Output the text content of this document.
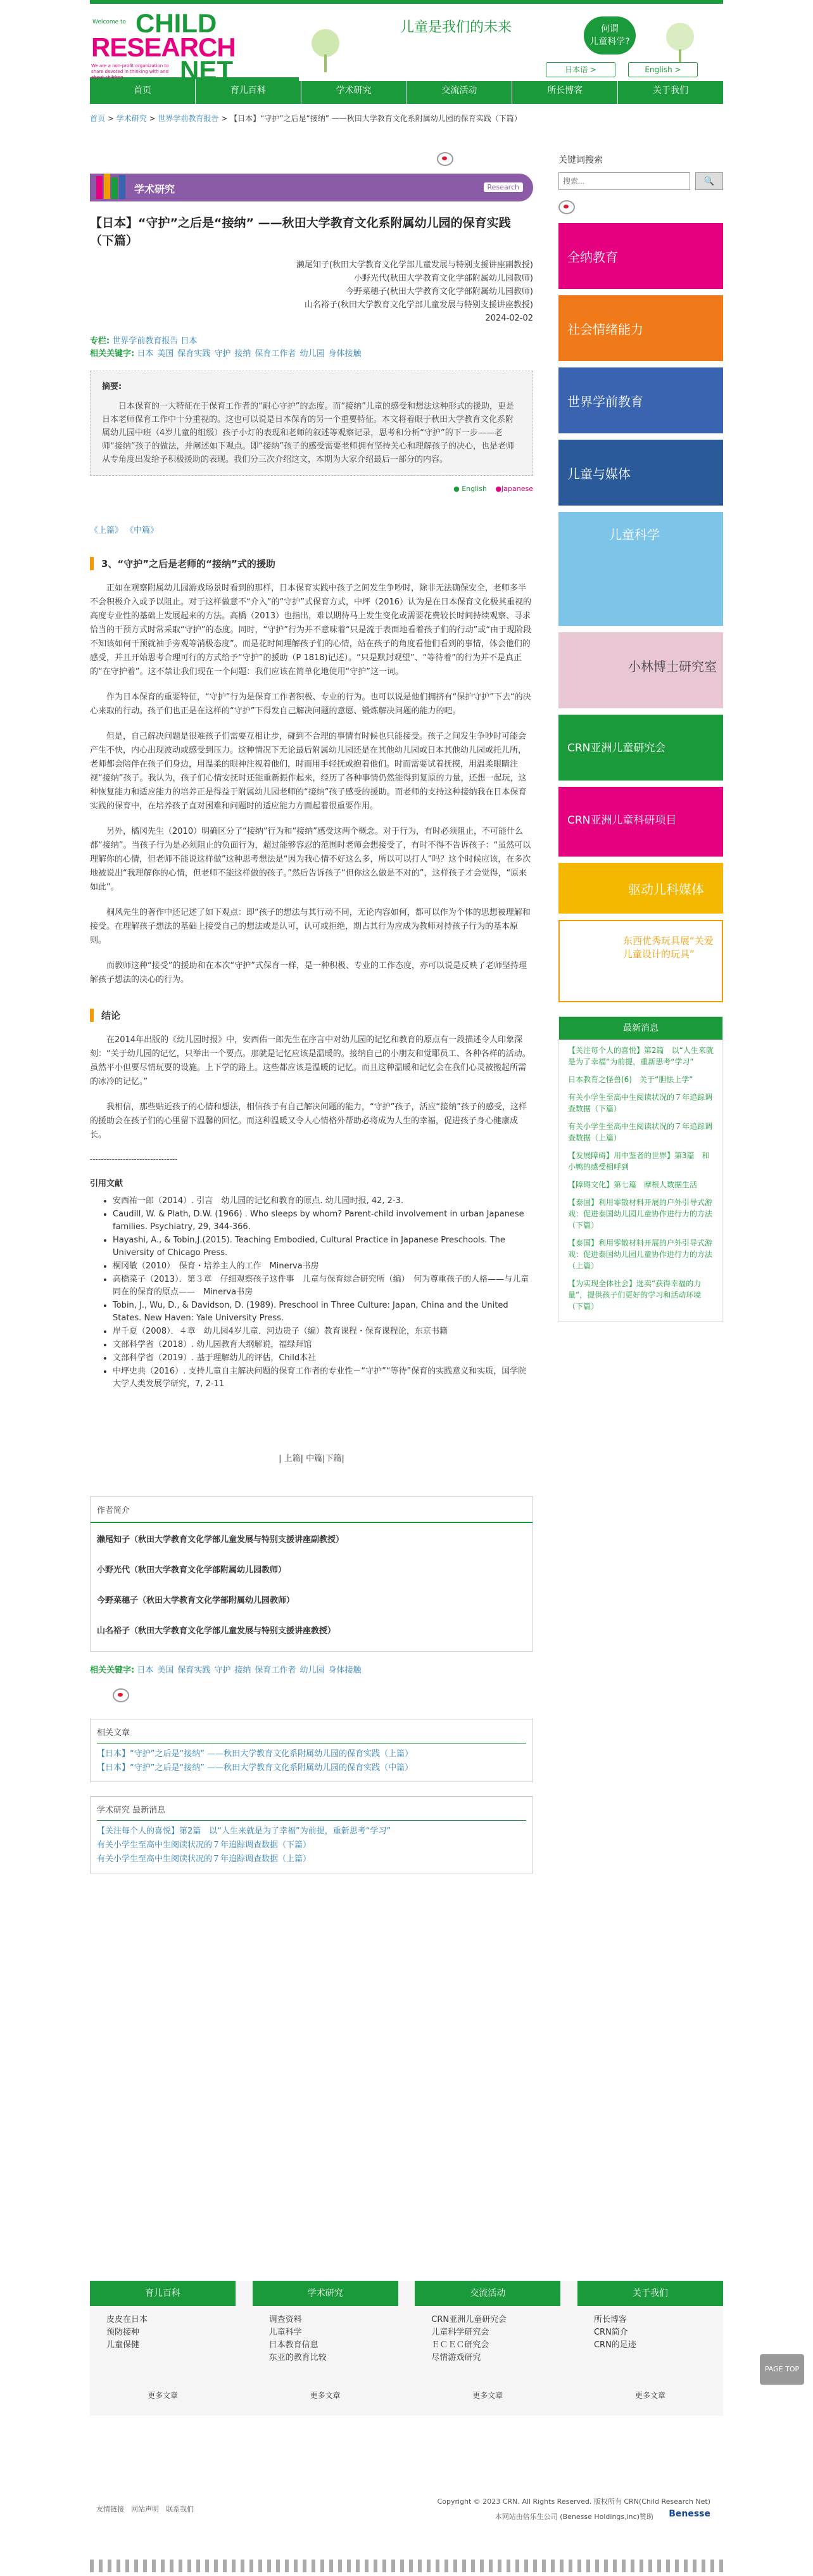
Welcome to CHILD
RESEARCH
NET
We are a non-profit organization to share devoted in thinking with and about children
儿童是我们的未来	何谓
儿童科学?
日本语 >	English >
首页	育儿百科	学术研究	交流活动	所长博客	关于我们
首页 > 学术研究 > 世界学前教育报告 > 【日本】“守护”之后是“接纳” ——秋田大学教育文化系附属幼儿园的保育实践（下篇）
学术研究	Research
【日本】“守护”之后是“接纳” ——秋田大学教育文化系附属幼儿园的保育实践（下篇）
濑尾知子(秋田大学教育文化学部儿童发展与特别支援讲座副教授)
小野光代(秋田大学教育文化学部附属幼儿园教师)
今野菜穗子(秋田大学教育文化学部附属幼儿园教师)
山名裕子(秋田大学教育文化学部儿童发展与特别支援讲座教授)
2024-02-02
专栏: 世界学前教育报告 日本
相关关键字: 日本 美国 保育实践 守护 接纳 保育工作者 幼儿园 身体接触
摘要:

日本保育的一大特征在于保育工作者的“耐心守护”的态度。而“接纳”儿童的感受和想法这种形式的援助，更是日本老师保育工作中十分重视的。这也可以说是日本保育的另一个重要特征。本文将着眼于秋田大学教育文化系附属幼儿园中班（4岁儿童的组级）孩子小灯的表现和老师的叙述等观察记录，思考和分析“守护”的下一步——老师“接纳”孩子的做法，并阐述如下观点。即“接纳”孩子的感受需要老师拥有坚持关心和理解孩子的决心，也是老师从专角度出发给予积极援助的表现。我们分三次介绍这文，本期为大家介绍最后一部分的内容。

● English ●Japanese
《上篇》 《中篇》
3、“守护”之后是老师的“接纳”式的援助

正如在观察附属幼儿园游戏场景时看到的那样，日本保育实践中孩子之间发生争吵时，除非无法确保安全，老师多半不会积极介入或予以阻止。对于这样做意不“介入”的“守护”式保育方式，中坪（2016）认为是在日本保育文化极其重视的高度专业性的基础上发展起来的方法。高橋（2013）也指出，难以期待马上发生变化或需要花费较长时间持续观察、寻求恰当的干预方式时常采取“守护”的态度。同时，“守护”行为并不意味着“只是流于表面地看着孩子们的行动”或“由于现阶段不知该如何干预就袖手旁观等消极态度”。而是花时间理解孩子们的心情，站在孩子的角度看他们看到的事情，体会他们的感受，并且开始思考合理可行的方式给予“守护”的援助（P 1818)记述）。“只是默封观望”、“等待着”的行为并不是真正的“在守护着”。这不禁让我们现在一个问题：我们应该在简单化地使用“守护”这一词。

作为日本保育的重要特征，“守护”行为是保育工作者积极、专业的行为。也可以说是他们拥挤有“保护守护”下去“的决心来取的行动。孩子们也正是在这样的“守护”下得发自己解决问题的意愿、锻炼解决问题的能力的吧。

但是，自己解决问题是很难孩子们需要互相让步，碰到不合理的事情有时候也只能接受。孩子之间发生争吵时可能会产生不快，内心出现波动或感受到压力。这种情况下无论最后附属幼儿园还是在其他幼儿园或日本其他幼儿园或托儿所，老师都会陪伴在孩子们身边，用温柔的眼神注视着他们，时而用手轻抚或抱着他们。时而需要试着抚摸，用温柔眼睛注视“接纳”孩子。我认为，孩子们心情安抚时还能重新振作起来，经历了各种事情仍然能得到复原的力量，还想一起玩，这种恢复能力和适应能力的培养正是得益于附属幼儿园老师的“接纳”孩子感受的援助。而老师的支持这种接纳我在日本保育实践的保育中，在培养孩子直对困难和问题时的适应能力方面起着很重要作用。

另外，橘冈先生（2010）明确区分了“接纳”行为和“接纳”感受这两个概念。对于行为，有时必须阻止，不可能什么都“接纳”。当孩子行为是必须阻止的负面行为，超过能够容忍的范围时老师会想接受了，有时不得不告诉孩子：“虽然可以理解你的心情，但老师不能说这样做”这种思考想法是“因为我心情不好这么多，所以可以打人”吗？这个时候应该，在多次地被说出“我理解你的心情，但老师不能这样做的孩子。”然后告诉孩子“但你这么做是不对的”，这样孩子才会觉得，“原来如此”。

桐风先生的著作中还记述了如下观点：即“孩子的想法与其行动不同，无论内容如何，都可以作为个体的思想被理解和接受。在理解孩子想法的基础上接受自己的想法或是认可，认可或拒绝，期占其行为应成为教师对持孩子行为的基本原则。

而教师这种“接受”的援助和在本次“守护”式保育一样，是一种积极、专业的工作态度，亦可以说是反映了老师坚持理解孩子想法的决心的行为。

结论

在2014年出版的《幼儿园时报》中，安西佑一郎先生在序言中对幼儿园的记忆和教育的原点有一段描述令人印象深刻：“关于幼儿园的记忆，只举出一个要点。那就是记忆应该是温暖的。接纳自己的小朋友和觉耶员工、各种各样的活动。虽然平小但要尽情玩耍的设施。上下学的路上。这些都应该是温暖的记忆。而且这种温暖和记忆会在我们心灵被搬起所需的冰冷的记忆。”

我相信，那些贴近孩子的心情和想法，相信孩子有自己解决问题的能力，“守护”孩子，活应“接纳”孩子的感受，这样的援助会在孩子们的心里留下温馨的回忆。而这种温暖又令人心情格外帮助必将成为人生的幸福，促进孩子身心健康成长。

--------------------------------
引用文献
• 安西祐一郎（2014）. 引言　幼儿园的记忆和教育的原点. 幼儿园时报, 42, 2-3.
• Caudill, W. & Plath, D.W. (1966) . Who sleeps by whom? Parent-child involvement in urban Japanese families. Psychiatry, 29, 344-366.
• Hayashi, A., & Tobin,J.(2015). Teaching Embodied, Cultural Practice in Japanese Preschools. The University of Chicago Press.
• 桐冈敏（2010）　保育・培养主人的工作　Minerva书房
• 高橋菜子（2013）．第３章　仔细观察孩子这件事　儿童与保育综合研究所（编）　何为尊重孩子的人格——与儿童同在的保育的原点——　Minerva书房
• Tobin, J., Wu, D., & Davidson, D. (1989). Preschool in Three Culture: Japan, China and the United States. New Haven: Yale University Press.
• 岸千夏（2008）．４章　幼儿园4岁儿童．河边贵子（编）教育课程・保育课程论，东京书籍
• 文部科学省（2018）. 幼儿园教育大纲解说，福绿拜馆
• 文部科学省（2019）. 基于理解幼儿的评估，Child本社
• 中坪史典（2016）. 支持儿童自主解决问题的保育工作者的专业性－“守护”“等待”保育的实践意义和实质，国学院大学人类发展学研究，7, 2-11
| 上篇| 中篇|下篇|
作者简介
濑尾知子（秋田大学教育文化学部儿童发展与特别支援讲座副教授）
小野光代（秋田大学教育文化学部附属幼儿园教师）
今野菜穗子（秋田大学教育文化学部附属幼儿园教师）
山名裕子（秋田大学教育文化学部儿童发展与特别支援讲座教授）
相关关键字: 日本 美国 保育实践 守护 接纳 保育工作者 幼儿园 身体接触
相关文章
【日本】“守护”之后是“接纳” ——秋田大学教育文化系附属幼儿园的保育实践（上篇）
【日本】“守护”之后是“接纳” ——秋田大学教育文化系附属幼儿园的保育实践（中篇）
学术研究 最新消息
【关注每个人的喜悦】第2篇　以“人生来就是为了幸福”为前提，重新思考“学习”
有关小学生至高中生阅读状况的７年追踪调查数据（下篇）
有关小学生至高中生阅读状况的７年追踪调查数据（上篇）
关键词搜索
搜索...
🔍
全纳教育
社会情绪能力
世界学前教育
儿童与媒体
儿童科学
小林博士研究室
CRN亚洲儿童研究会
CRN亚洲儿童科研项目
驱动儿科媒体
东西优秀玩具展“关爱儿童设计的玩具”
最新消息
【关注每个人的喜悦】第2篇　以“人生来就是为了幸福”为前提，重新思考“学习”
日本教育之怪兽(6)　关于“胆怯上学”
有关小学生至高中生阅读状况的７年追踪调查数据（下篇）
有关小学生至高中生阅读状况的７年追踪调查数据（上篇）
【发展障碍】用中鉴者的世界】第3篇　和小鸭的感受相呼到
【障碍文化】第七篇　摩根人数据生活
【泰国】利用零散材料开展的户外引导式游戏：促进泰国幼儿园儿童协作进行力的方法（下篇）
【泰国】利用零散材料开展的户外引导式游戏：促进泰国幼儿园儿童协作进行力的方法（上篇）
【为实现全体社会】选卖“获得幸福的力量”，提供孩子们更好的学习和活动环境（下篇）
育儿百科
皮皮在日本
预防接种
儿童保健
更多文章
学术研究
调查资料
儿童科学
日本教育信息
东亚的教育比较
更多文章
交流活动
CRN亚洲儿童研究会
儿童科学研究会
ＥＣＥＣ研究会
尽情游戏研究
更多文章
关于我们
所长博客
CRN简介
CRN的足迹
更多文章
友情链接　网站声明　联系我们
Copyright © 2023 CRN. All Rights Reserved. 版权所有 CRN(Child Research Net)
本网站由倍乐生公司 (Benesse Holdings,inc)赞助 Benesse
PAGE TOP
